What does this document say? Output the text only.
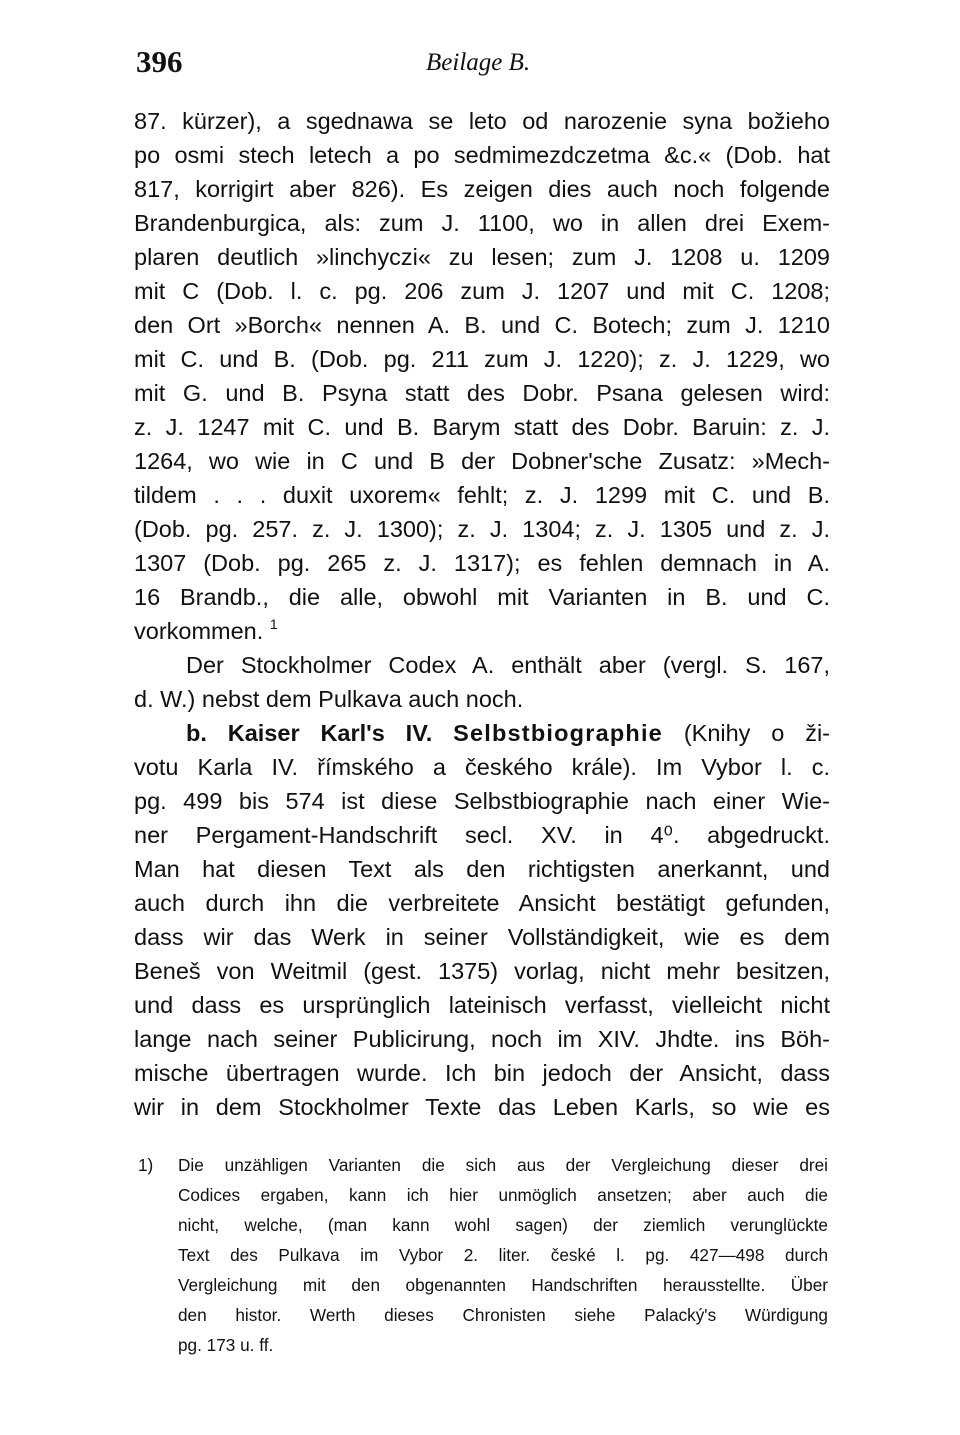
396	Beilage B.
87. kürzer), a sgednawa se leto od narozenie syna božieho
po osmi stech letech a po sedmimezdczetma &c.« (Dob. hat
817, korrigirt aber 826). Es zeigen dies auch noch folgende
Brandenburgica, als: zum J. 1100, wo in allen drei Exem-
plaren deutlich »linchyczi« zu lesen; zum J. 1208 u. 1209
mit C (Dob. l. c. pg. 206 zum J. 1207 und mit C. 1208;
den Ort »Borch« nennen A. B. und C. Botech; zum J. 1210
mit C. und B. (Dob. pg. 211 zum J. 1220); z. J. 1229, wo
mit G. und B. Psyna statt des Dobr. Psana gelesen wird:
z. J. 1247 mit C. und B. Barym statt des Dobr. Baruin: z. J.
1264, wo wie in C und B der Dobner'sche Zusatz: »Mech-
tildem . . . duxit uxorem« fehlt; z. J. 1299 mit C. und B.
(Dob. pg. 257. z. J. 1300); z. J. 1304; z. J. 1305 und z. J.
1307 (Dob. pg. 265 z. J. 1317); es fehlen demnach in A.
16 Brandb., die alle, obwohl mit Varianten in B. und C.
vorkommen. $^1$
Der Stockholmer Codex A. enthält aber (vergl. S. 167,
d. W.) nebst dem Pulkava auch noch.
b. Kaiser Karl's IV. Selbstbiographie (Knihy o ži-
votu Karla IV. římského a českého krále). Im Vybor l. c.
pg. 499 bis 574 ist diese Selbstbiographie nach einer Wie-
ner Pergament-Handschrift secl. XV. in 4⁰. abgedruckt.
Man hat diesen Text als den richtigsten anerkannt, und
auch durch ihn die verbreitete Ansicht bestätigt gefunden,
dass wir das Werk in seiner Vollständigkeit, wie es dem
Beneš von Weitmil (gest. 1375) vorlag, nicht mehr besitzen,
und dass es ursprünglich lateinisch verfasst, vielleicht nicht
lange nach seiner Publicirung, noch im XIV. Jhdte. ins Böh-
mische übertragen wurde. Ich bin jedoch der Ansicht, dass
wir in dem Stockholmer Texte das Leben Karls, so wie es
1) Die unzähligen Varianten die sich aus der Vergleichung dieser drei
Codices ergaben, kann ich hier unmöglich ansetzen; aber auch die
nicht, welche, (man kann wohl sagen) der ziemlich verunglückte
Text des Pulkava im Vybor 2. liter. české l. pg. 427—498 durch
Vergleichung mit den obgenannten Handschriften herausstellte. Über
den histor. Werth dieses Chronisten siehe Palacký's Würdigung
pg. 173 u. ff.
